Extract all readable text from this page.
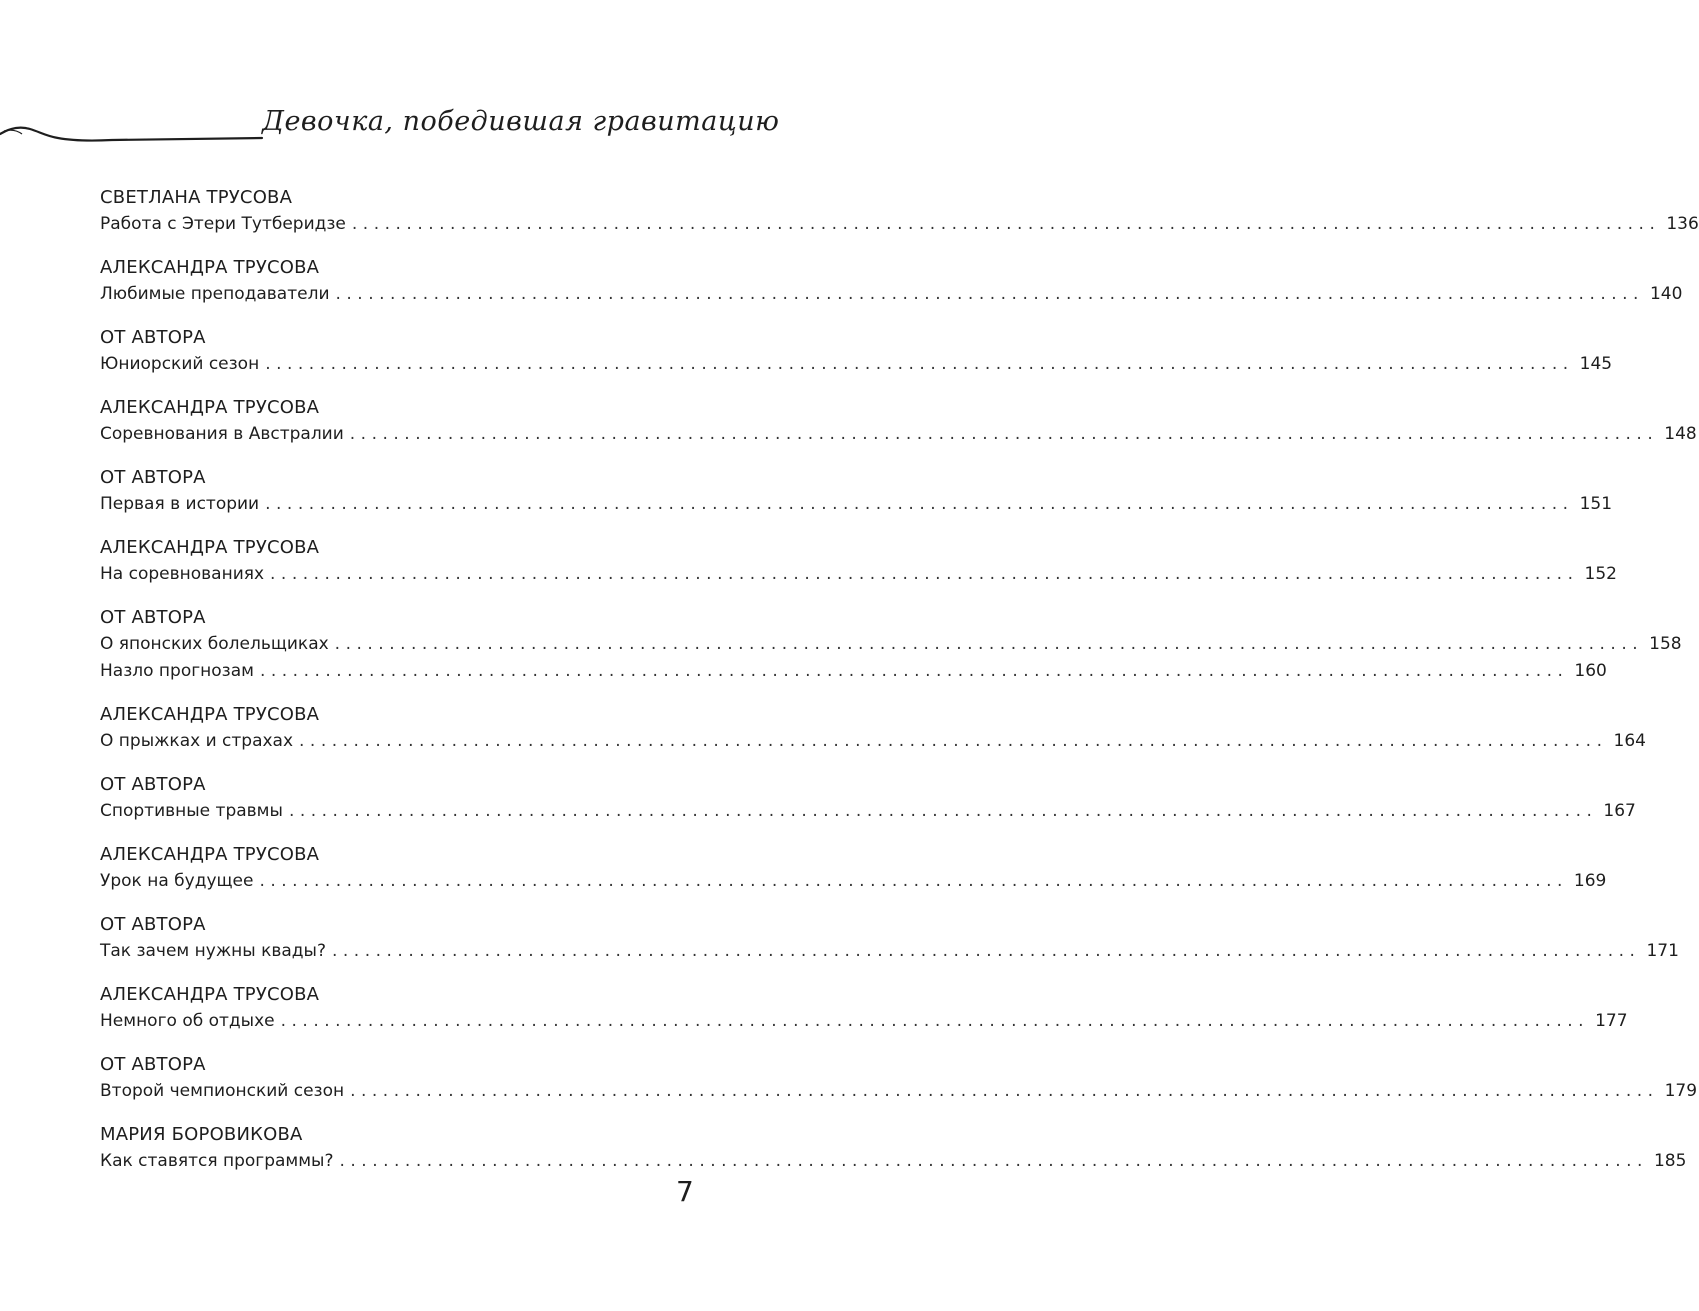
Девочка, победившая гравитацию
СВЕТЛАНА ТРУСОВА
Работа с Этери Тутберидзе ........................................................................................................................ 136
АЛЕКСАНДРА ТРУСОВА
Любимые преподаватели ........................................................................................................................ 140
ОТ АВТОРА
Юниорский сезон ........................................................................................................................ 145
АЛЕКСАНДРА ТРУСОВА
Соревнования в Австралии ........................................................................................................................ 148
ОТ АВТОРА
Первая в истории ........................................................................................................................ 151
АЛЕКСАНДРА ТРУСОВА
На соревнованиях ........................................................................................................................ 152
ОТ АВТОРА
О японских болельщиках ........................................................................................................................ 158
Назло прогнозам ........................................................................................................................ 160
АЛЕКСАНДРА ТРУСОВА
О прыжках и страхах ........................................................................................................................ 164
ОТ АВТОРА
Спортивные травмы ........................................................................................................................ 167
АЛЕКСАНДРА ТРУСОВА
Урок на будущее ........................................................................................................................ 169
ОТ АВТОРА
Так зачем нужны квады? ........................................................................................................................ 171
АЛЕКСАНДРА ТРУСОВА
Немного об отдыхе ........................................................................................................................ 177
ОТ АВТОРА
Второй чемпионский сезон ........................................................................................................................ 179
МАРИЯ БОРОВИКОВА
Как ставятся программы? ........................................................................................................................ 185
7
